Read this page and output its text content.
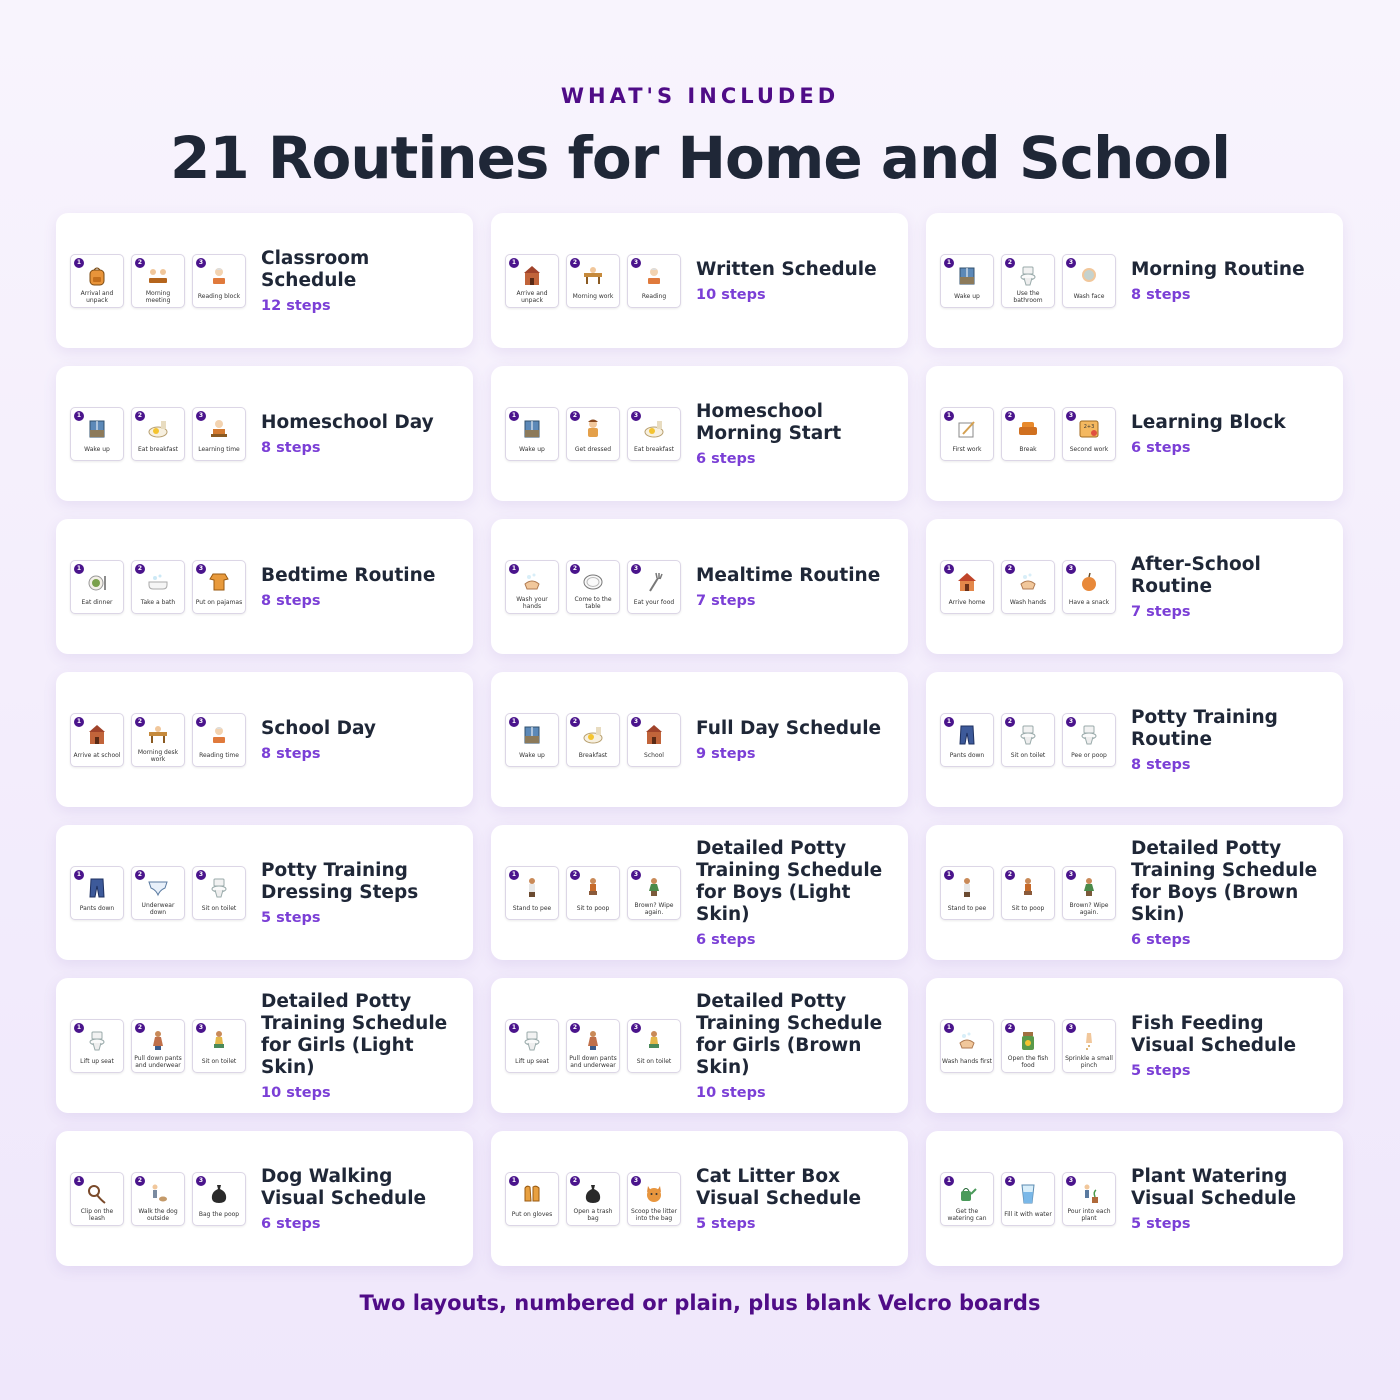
WHAT'S INCLUDED
21 Routines for Home and School
1
Arrival and unpack
2
Morning meeting
3
Reading block
Classroom Schedule
12 steps
1
Arrive and unpack
2
Morning work
3
Reading
Written Schedule
10 steps
1
Wake up
2
Use the bathroom
3
Wash face
Morning Routine
8 steps
1
Wake up
2
Eat breakfast
3
Learning time
Homeschool Day
8 steps
1
Wake up
2
Get dressed
3
Eat breakfast
Homeschool Morning Start
6 steps
1
First work
2
Break
3
2+3
Second work
Learning Block
6 steps
1
Eat dinner
2
Take a bath
3
Put on pajamas
Bedtime Routine
8 steps
1
Wash your hands
2
Come to the table
3
Eat your food
Mealtime Routine
7 steps
1
Arrive home
2
Wash hands
3
Have a snack
After-School Routine
7 steps
1
Arrive at school
2
Morning desk work
3
Reading time
School Day
8 steps
1
Wake up
2
Breakfast
3
School
Full Day Schedule
9 steps
1
Pants down
2
Sit on toilet
3
Pee or poop
Potty Training Routine
8 steps
1
Pants down
2
Underwear down
3
Sit on toilet
Potty Training Dressing Steps
5 steps
1
Stand to pee
2
Sit to poop
3
Brown? Wipe again.
Detailed Potty Training Schedule for Boys (Light Skin)
6 steps
1
Stand to pee
2
Sit to poop
3
Brown? Wipe again.
Detailed Potty Training Schedule for Boys (Brown Skin)
6 steps
1
Lift up seat
2
Pull down pants and underwear
3
Sit on toilet
Detailed Potty Training Schedule for Girls (Light Skin)
10 steps
1
Lift up seat
2
Pull down pants and underwear
3
Sit on toilet
Detailed Potty Training Schedule for Girls (Brown Skin)
10 steps
1
Wash hands first
2
Open the fish food
3
Sprinkle a small pinch
Fish Feeding Visual Schedule
5 steps
1
Clip on the leash
2
Walk the dog outside
3
Bag the poop
Dog Walking Visual Schedule
6 steps
1
Put on gloves
2
Open a trash bag
3
Scoop the litter into the bag
Cat Litter Box Visual Schedule
5 steps
1
Get the watering can
2
Fill it with water
3
Pour into each plant
Plant Watering Visual Schedule
5 steps
Two layouts, numbered or plain, plus blank Velcro boards
